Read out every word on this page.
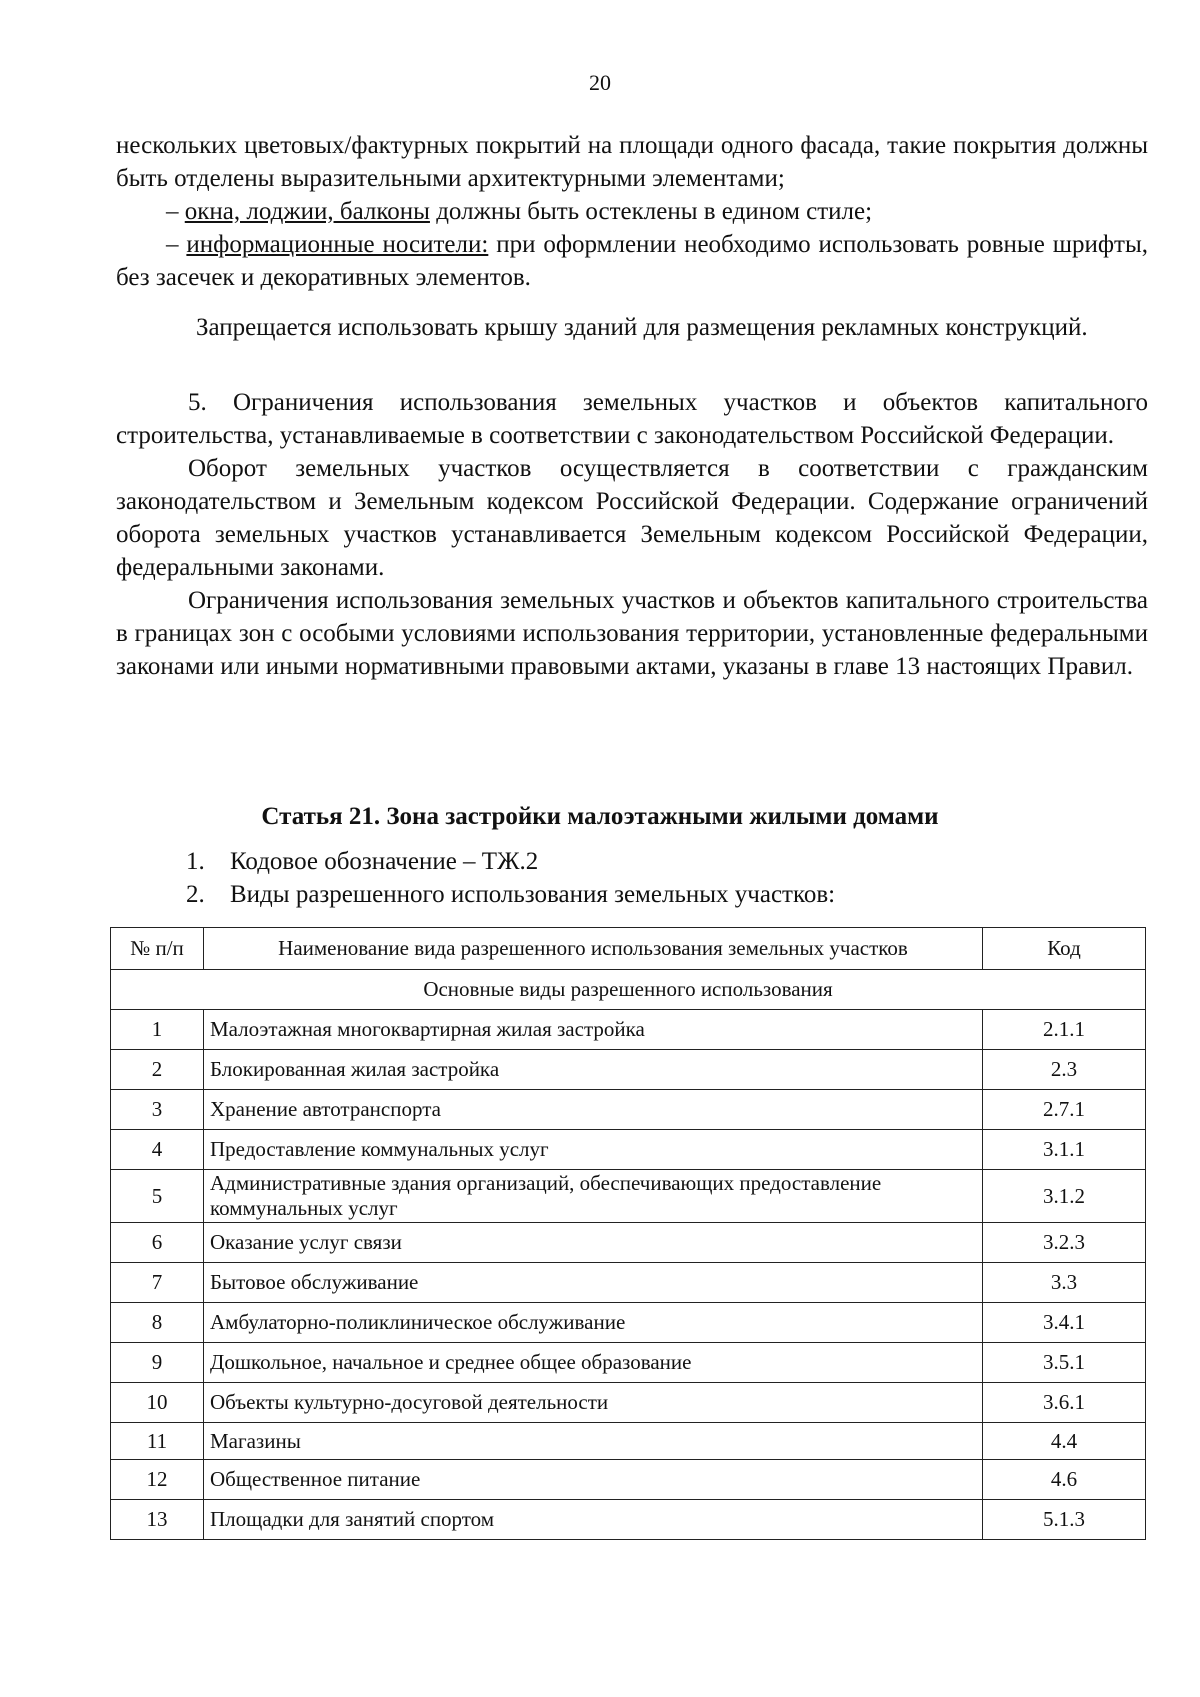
20

нескольких цветовых/фактурных покрытий на площади одного фасада, такие покрытия должны быть отделены выразительными архитектурными элементами;

– окна, лоджии, балконы должны быть остеклены в едином стиле;

– информационные носители: при оформлении необходимо использовать ровные шрифты, без засечек и декоративных элементов.

Запрещается использовать крышу зданий для размещения рекламных конструкций.

5. Ограничения использования земельных участков и объектов капитального строительства, устанавливаемые в соответствии с законодательством Российской Федерации.

Оборот земельных участков осуществляется в соответствии с гражданским законодательством и Земельным кодексом Российской Федерации. Содержание ограничений оборота земельных участков устанавливается Земельным кодексом Российской Федерации, федеральными законами.

Ограничения использования земельных участков и объектов капитального строительства в границах зон с особыми условиями использования территории, установленные федеральными законами или иными нормативными правовыми актами, указаны в главе 13 настоящих Правил.

Статья 21. Зона застройки малоэтажными жилыми домами
1. Кодовое обозначение – ТЖ.2
2. Виды разрешенного использования земельных участков:
№ п/п	Наименование вида разрешенного использования земельных участков	Код
Основные виды разрешенного использования		
1	Малоэтажная многоквартирная жилая застройка	2.1.1
2	Блокированная жилая застройка	2.3
3	Хранение автотранспорта	2.7.1
4	Предоставление коммунальных услуг	3.1.1
5	Административные здания организаций, обеспечивающих предоставление коммунальных услуг	3.1.2
6	Оказание услуг связи	3.2.3
7	Бытовое обслуживание	3.3
8	Амбулаторно-поликлиническое обслуживание	3.4.1
9	Дошкольное, начальное и среднее общее образование	3.5.1
10	Объекты культурно-досуговой деятельности	3.6.1
11	Магазины	4.4
12	Общественное питание	4.6
13	Площадки для занятий спортом	5.1.3
